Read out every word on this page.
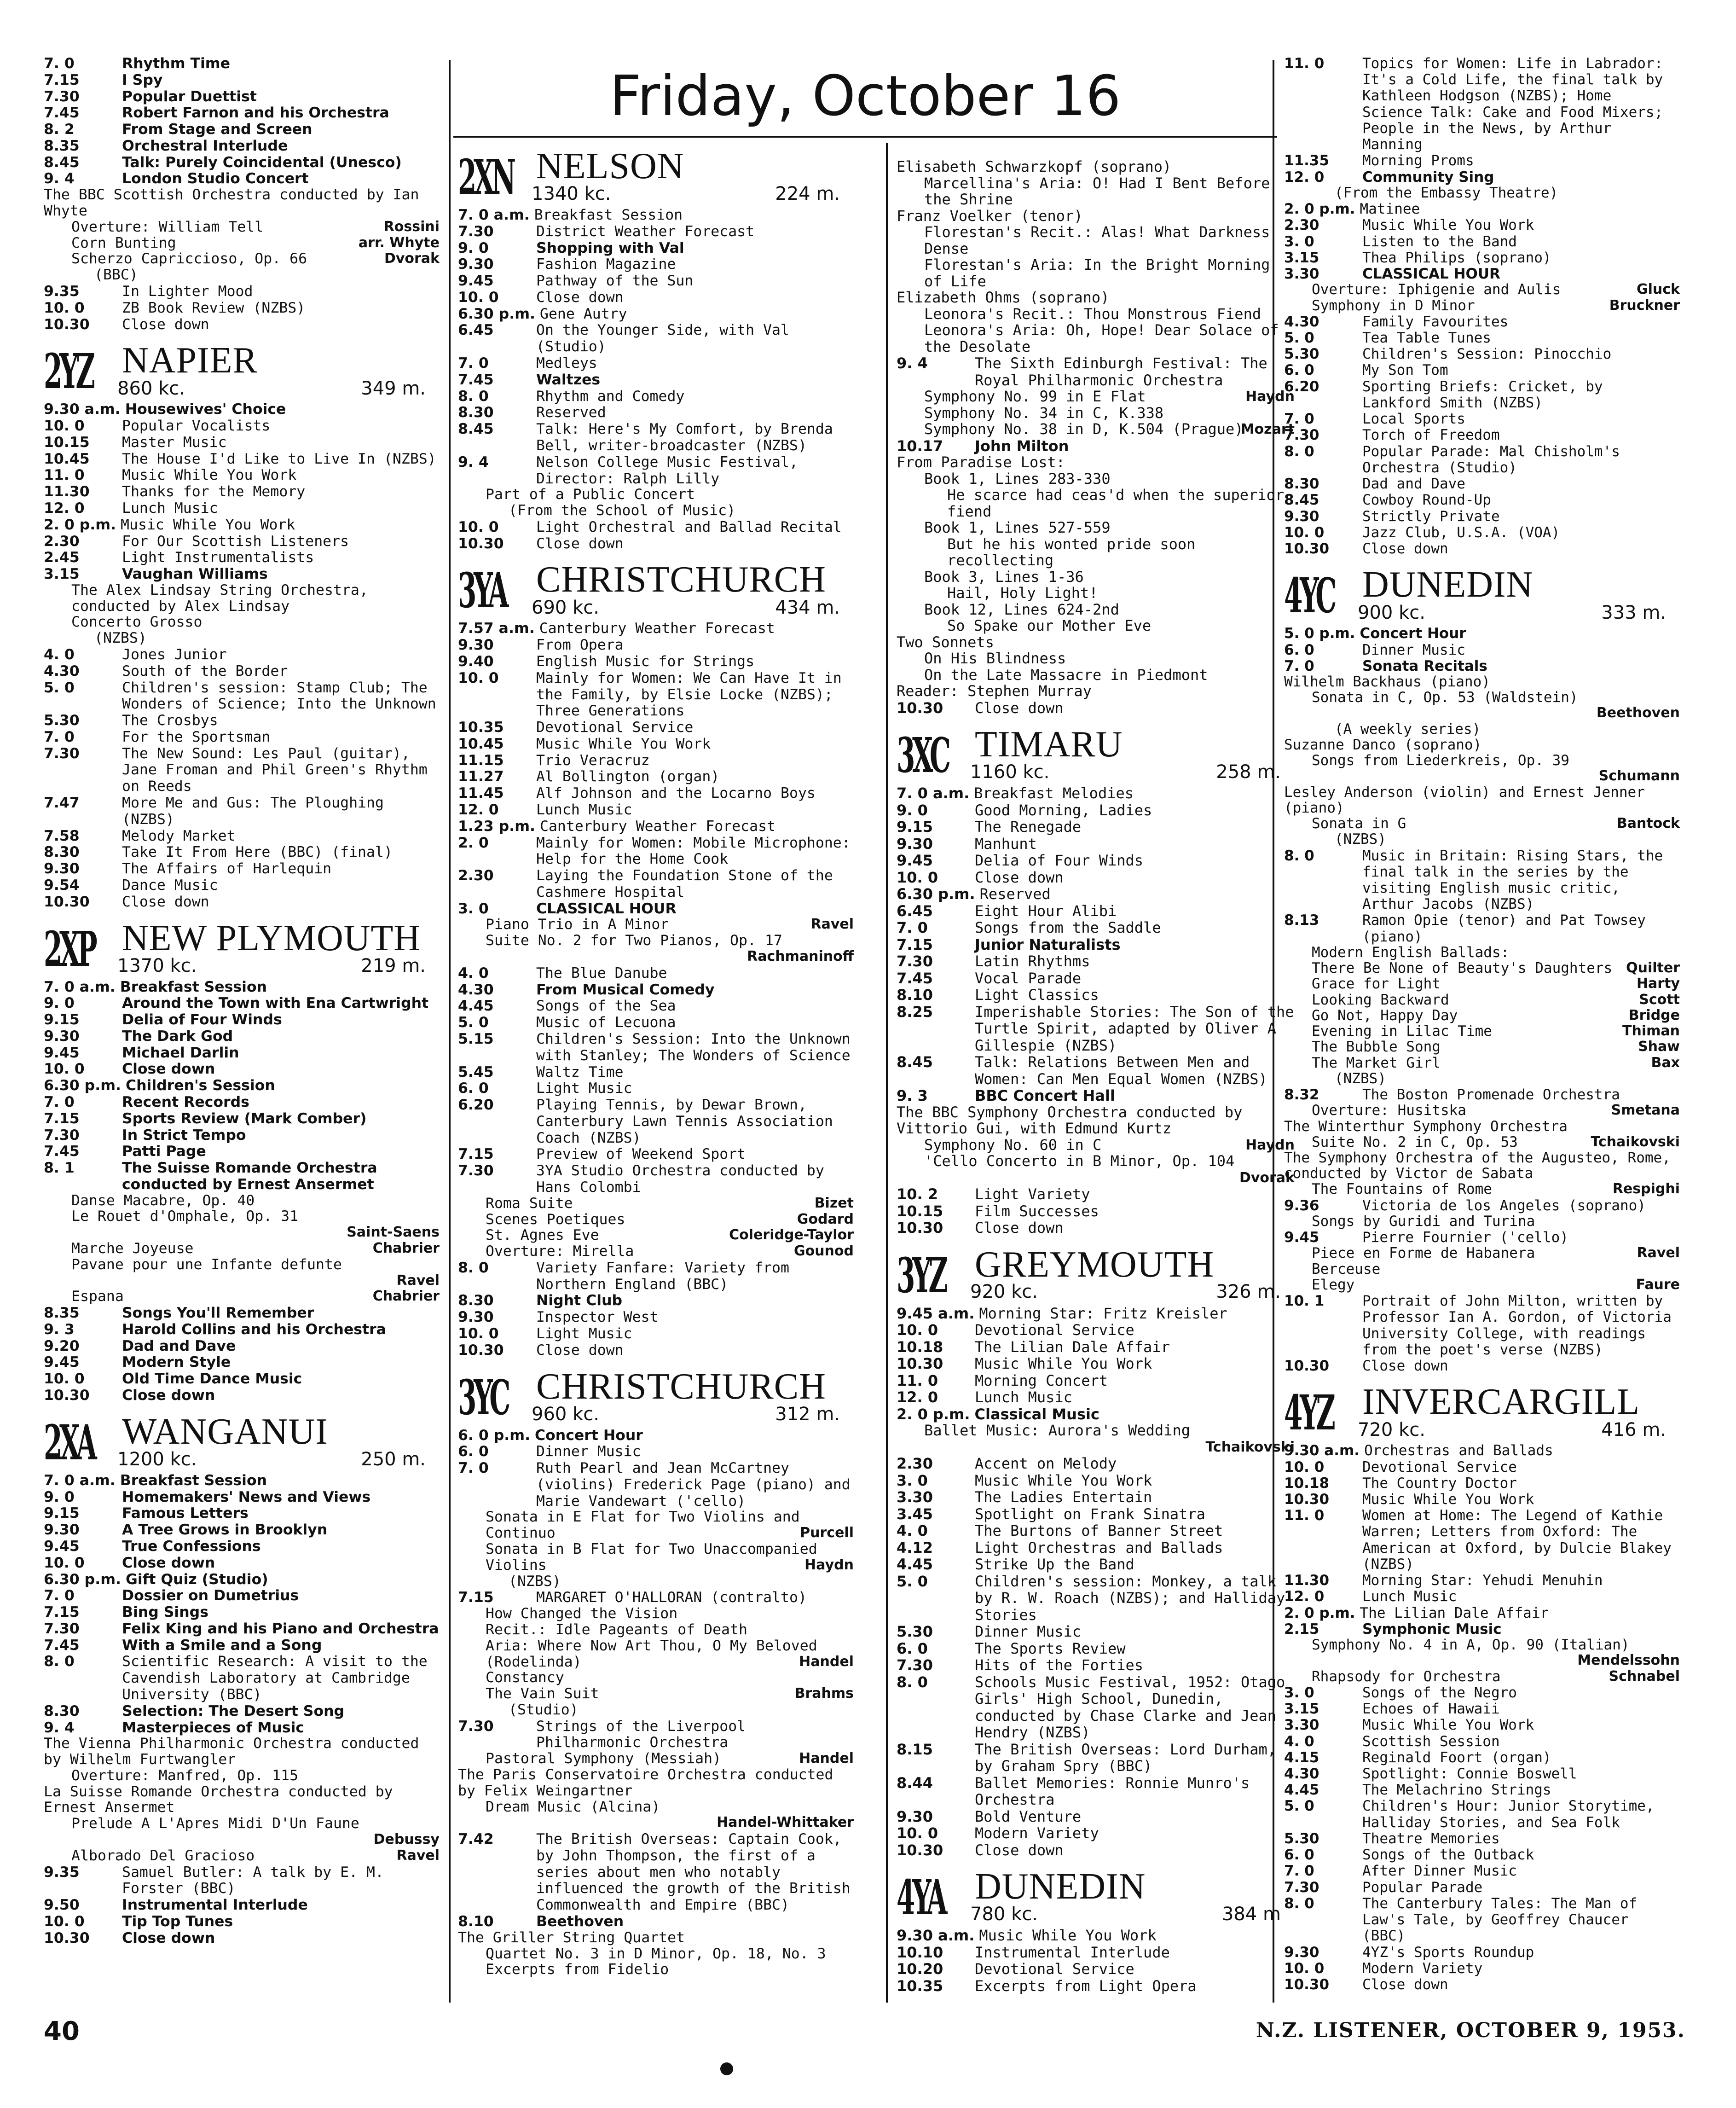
Friday, October 16
7. 0	Rhythm Time
7.15	I Spy
7.30	Popular Duettist
7.45	Robert Farnon and his Orchestra
8. 2	From Stage and Screen
8.35	Orchestral Interlude
8.45	Talk: Purely Coincidental (Unesco)
9. 4	London Studio Concert
The BBC Scottish Orchestra conducted by Ian Whyte
Overture: William Tell	Rossini
Corn Bunting	arr. Whyte
Scherzo Capriccioso, Op. 66	Dvorak
(BBC)
9.35	In Lighter Mood
10. 0	ZB Book Review (NZBS)
10.30 Close down
2YZ NAPIER
860 kc.	349 m.
9.30 a.m. Housewives' Choice
10. 0	Popular Vocalists
10.15 Master Music
10.45 The House I'd Like to Live In (NZBS)
11. 0	Music While You Work
11.30 Thanks for the Memory
12. 0	Lunch Music
2. 0 p.m. Music While You Work
2.30	For Our Scottish Listeners
2.45	Light Instrumentalists
3.15	Vaughan Williams
The Alex Lindsay String Orchestra, conducted by Alex Lindsay
Concerto Grosso
(NZBS)
4. 0	Jones Junior
4.30	South of the Border
5. 0	Children's session: Stamp Club; The Wonders of Science; Into the Unknown
5.30	The Crosbys
7. 0	For the Sportsman
7.30	The New Sound: Les Paul (guitar), Jane Froman and Phil Green's Rhythm on Reeds
7.47	More Me and Gus: The Ploughing (NZBS)
7.58	Melody Market
8.30	Take It From Here (BBC) (final)
9.30	The Affairs of Harlequin
9.54	Dance Music
10.30 Close down
2XP NEW PLYMOUTH
1370 kc.	219 m.
7. 0 a.m. Breakfast Session
9. 0	Around the Town with Ena Cartwright
9.15	Delia of Four Winds
9.30	The Dark God
9.45	Michael Darlin
10. 0	Close down
6.30 p.m. Children's Session
7. 0	Recent Records
7.15	Sports Review (Mark Comber)
7.30	In Strict Tempo
7.45	Patti Page
8. 1	The Suisse Romande Orchestra conducted by Ernest Ansermet
Danse Macabre, Op. 40
Le Rouet d'Omphale, Op. 31
Saint-Saens
Marche Joyeuse	Chabrier
Pavane pour une Infante defunte
Ravel
Espana	Chabrier
8.35	Songs You'll Remember
9. 3	Harold Collins and his Orchestra
9.20	Dad and Dave
9.45	Modern Style
10. 0	Old Time Dance Music
10.30 Close down
2XA WANGANUI
1200 kc.	250 m.
7. 0 a.m. Breakfast Session
9. 0	Homemakers' News and Views
9.15	Famous Letters
9.30	A Tree Grows in Brooklyn
9.45	True Confessions
10. 0	Close down
6.30 p.m. Gift Quiz (Studio)
7. 0	Dossier on Dumetrius
7.15	Bing Sings
7.30	Felix King and his Piano and Orchestra
7.45	With a Smile and a Song
8. 0	Scientific Research: A visit to the Cavendish Laboratory at Cambridge University (BBC)
8.30	Selection: The Desert Song
9. 4	Masterpieces of Music
The Vienna Philharmonic Orchestra conducted by Wilhelm Furtwangler
Overture: Manfred, Op. 115
La Suisse Romande Orchestra conducted by Ernest Ansermet
Prelude A L'Apres Midi D'Un Faune
Debussy
Alborado Del Gracioso	Ravel
9.35	Samuel Butler: A talk by E. M. Forster (BBC)
9.50	Instrumental Interlude
10. 0	Tip Top Tunes
10.30 Close down
2XN NELSON
1340 kc.	224 m.
7. 0 a.m. Breakfast Session
7.30	District Weather Forecast
9. 0	Shopping with Val
9.30	Fashion Magazine
9.45	Pathway of the Sun
10. 0	Close down
6.30 p.m. Gene Autry
6.45	On the Younger Side, with Val (Studio)
7. 0	Medleys
7.45	Waltzes
8. 0	Rhythm and Comedy
8.30	Reserved
8.45	Talk: Here's My Comfort, by Brenda Bell, writer-broadcaster (NZBS)
9. 4	Nelson College Music Festival, Director: Ralph Lilly
Part of a Public Concert
(From the School of Music)
10. 0	Light Orchestral and Ballad Recital
10.30 Close down
3YA CHRISTCHURCH
690 kc.	434 m.
7.57 a.m. Canterbury Weather Forecast
9.30	From Opera
9.40	English Music for Strings
10. 0	Mainly for Women: We Can Have It in the Family, by Elsie Locke (NZBS); Three Generations
10.35 Devotional Service
10.45 Music While You Work
11.15 Trio Veracruz
11.27 Al Bollington (organ)
11.45 Alf Johnson and the Locarno Boys
12. 0	Lunch Music
1.23 p.m. Canterbury Weather Forecast
2. 0	Mainly for Women: Mobile Microphone: Help for the Home Cook
2.30	Laying the Foundation Stone of the Cashmere Hospital
3. 0	CLASSICAL HOUR
Piano Trio in A Minor	Ravel
Suite No. 2 for Two Pianos, Op. 17
Rachmaninoff
4. 0	The Blue Danube
4.30	From Musical Comedy
4.45	Songs of the Sea
5. 0	Music of Lecuona
5.15	Children's Session: Into the Unknown with Stanley; The Wonders of Science
5.45	Waltz Time
6. 0	Light Music
6.20	Playing Tennis, by Dewar Brown, Canterbury Lawn Tennis Association Coach (NZBS)
7.15	Preview of Weekend Sport
7.30	3YA Studio Orchestra conducted by Hans Colombi
Roma Suite	Bizet
Scenes Poetiques	Godard
St. Agnes Eve	Coleridge-Taylor
Overture: Mirella	Gounod
8. 0	Variety Fanfare: Variety from Northern England (BBC)
8.30	Night Club
9.30	Inspector West
10. 0	Light Music
10.30 Close down
3YC CHRISTCHURCH
960 kc.	312 m.
6. 0 p.m. Concert Hour
6. 0	Dinner Music
7. 0	Ruth Pearl and Jean McCartney (violins) Frederick Page (piano) and Marie Vandewart ('cello)
Sonata in E Flat for Two Violins and Continuo	Purcell
Sonata in B Flat for Two Unaccompanied Violins	Haydn
(NZBS)
7.15	MARGARET O'HALLORAN (contralto)
How Changed the Vision
Recit.: Idle Pageants of Death
Aria: Where Now Art Thou, O My Beloved (Rodelinda)	Handel
Constancy
The Vain Suit	Brahms
(Studio)
7.30	Strings of the Liverpool Philharmonic Orchestra
Pastoral Symphony (Messiah)	Handel
The Paris Conservatoire Orchestra conducted by Felix Weingartner
Dream Music (Alcina)
Handel-Whittaker
7.42	The British Overseas: Captain Cook, by John Thompson, the first of a series about men who notably influenced the growth of the British Commonwealth and Empire (BBC)
8.10	Beethoven
The Griller String Quartet
Quartet No. 3 in D Minor, Op. 18, No. 3
Excerpts from Fidelio
Elisabeth Schwarzkopf (soprano)
Marcellina's Aria: O! Had I Bent Before the Shrine
Franz Voelker (tenor)
Florestan's Recit.: Alas! What Darkness Dense
Florestan's Aria: In the Bright Morning of Life
Elizabeth Ohms (soprano)
Leonora's Recit.: Thou Monstrous Fiend
Leonora's Aria: Oh, Hope! Dear Solace of the Desolate
9. 4	The Sixth Edinburgh Festival: The Royal Philharmonic Orchestra
Symphony No. 99 in E Flat	Haydn
Symphony No. 34 in C, K.338
Symphony No. 38 in D, K.504 (Prague)
Mozart
10.17 John Milton
From Paradise Lost:
Book 1, Lines 283-330
He scarce had ceas'd when the superior fiend
Book 1, Lines 527-559
But he his wonted pride soon recollecting
Book 3, Lines 1-36
Hail, Holy Light!
Book 12, Lines 624-2nd
So Spake our Mother Eve
Two Sonnets
On His Blindness
On the Late Massacre in Piedmont
Reader: Stephen Murray
10.30 Close down
3XC TIMARU
1160 kc.	258 m.
7. 0 a.m. Breakfast Melodies
9. 0	Good Morning, Ladies
9.15	The Renegade
9.30	Manhunt
9.45	Delia of Four Winds
10. 0 Close down
6.30 p.m. Reserved
6.45	Eight Hour Alibi
7. 0	Songs from the Saddle
7.15	Junior Naturalists
7.30	Latin Rhythms
7.45	Vocal Parade
8.10	Light Classics
8.25	Imperishable Stories: The Son of the Turtle Spirit, adapted by Oliver A Gillespie (NZBS)
8.45	Talk: Relations Between Men and Women: Can Men Equal Women (NZBS)
9. 3	BBC Concert Hall
The BBC Symphony Orchestra conducted by Vittorio Gui, with Edmund Kurtz
Symphony No. 60 in C	Haydn
'Cello Concerto in B Minor, Op. 104
Dvorak
10. 2 Light Variety
10.15 Film Successes
10.30 Close down
3YZ GREYMOUTH
920 kc.	326 m.
9.45 a.m. Morning Star: Fritz Kreisler
10. 0 Devotional Service
10.18 The Lilian Dale Affair
10.30 Music While You Work
11. 0 Morning Concert
12. 0 Lunch Music
2. 0 p.m. Classical Music
Ballet Music: Aurora's Wedding
Tchaikovski
2.30	Accent on Melody
3. 0	Music While You Work
3.30	The Ladies Entertain
3.45	Spotlight on Frank Sinatra
4. 0	The Burtons of Banner Street
4.12	Light Orchestras and Ballads
4.45	Strike Up the Band
5. 0	Children's session: Monkey, a talk by R. W. Roach (NZBS); and Halliday Stories
5.30	Dinner Music
6. 0	The Sports Review
7.30	Hits of the Forties
8. 0	Schools Music Festival, 1952: Otago Girls' High School, Dunedin, conducted by Chase Clarke and Jean Hendry (NZBS)
8.15	The British Overseas: Lord Durham, by Graham Spry (BBC)
8.44	Ballet Memories: Ronnie Munro's Orchestra
9.30	Bold Venture
10. 0 Modern Variety
10.30 Close down
4YA DUNEDIN
780 kc.	384 m
9.30 a.m. Music While You Work
10.10 Instrumental Interlude
10.20 Devotional Service
10.35 Excerpts from Light Opera
11. 0	Topics for Women: Life in Labrador: It's a Cold Life, the final talk by Kathleen Hodgson (NZBS); Home Science Talk: Cake and Food Mixers; People in the News, by Arthur Manning
11.35 Morning Proms
12. 0	Community Sing
(From the Embassy Theatre)
2. 0 p.m. Matinee
2.30	Music While You Work
3. 0	Listen to the Band
3.15	Thea Philips (soprano)
3.30	CLASSICAL HOUR
Overture: Iphigenie and Aulis	Gluck
Symphony in D Minor	Bruckner
4.30	Family Favourites
5. 0	Tea Table Tunes
5.30	Children's Session: Pinocchio
6. 0	My Son Tom
6.20	Sporting Briefs: Cricket, by Lankford Smith (NZBS)
7. 0	Local Sports
7.30	Torch of Freedom
8. 0	Popular Parade: Mal Chisholm's Orchestra (Studio)
8.30	Dad and Dave
8.45	Cowboy Round-Up
9.30	Strictly Private
10. 0	Jazz Club, U.S.A. (VOA)
10.30 Close down
4YC DUNEDIN
900 kc.	333 m.
5. 0 p.m. Concert Hour
6. 0	Dinner Music
7. 0	Sonata Recitals
Wilhelm Backhaus (piano)
Sonata in C, Op. 53 (Waldstein)
Beethoven
(A weekly series)
Suzanne Danco (soprano)
Songs from Liederkreis, Op. 39
Schumann
Lesley Anderson (violin) and Ernest Jenner (piano)
Sonata in G	Bantock
(NZBS)
8. 0	Music in Britain: Rising Stars, the final talk in the series by the visiting English music critic, Arthur Jacobs (NZBS)
8.13	Ramon Opie (tenor) and Pat Towsey (piano)
Modern English Ballads:
There Be None of Beauty's Daughters Quilter
Grace for Light	Harty
Looking Backward	Scott
Go Not, Happy Day	Bridge
Evening in Lilac Time	Thiman
The Bubble Song	Shaw
The Market Girl	Bax
(NZBS)
8.32	The Boston Promenade Orchestra
Overture: Husitska	Smetana
The Winterthur Symphony Orchestra
Suite No. 2 in C, Op. 53	Tchaikovski
The Symphony Orchestra of the Augusteo, Rome, conducted by Victor de Sabata
The Fountains of Rome	Respighi
9.36	Victoria de los Angeles (soprano)
Songs by Guridi and Turina
9.45	Pierre Fournier ('cello)
Piece en Forme de Habanera	Ravel
Berceuse
Elegy	Faure
10. 1	Portrait of John Milton, written by Professor Ian A. Gordon, of Victoria University College, with readings from the poet's verse (NZBS)
10.30 Close down
4YZ INVERCARGILL
720 kc.	416 m.
9.30 a.m. Orchestras and Ballads
10. 0	Devotional Service
10.18 The Country Doctor
10.30 Music While You Work
11. 0	Women at Home: The Legend of Kathie Warren; Letters from Oxford: The American at Oxford, by Dulcie Blakey (NZBS)
11.30 Morning Star: Yehudi Menuhin
12. 0	Lunch Music
2. 0 p.m. The Lilian Dale Affair
2.15	Symphonic Music
Symphony No. 4 in A, Op. 90 (Italian)
Mendelssohn
Rhapsody for Orchestra	Schnabel
3. 0	Songs of the Negro
3.15	Echoes of Hawaii
3.30	Music While You Work
4. 0	Scottish Session
4.15	Reginald Foort (organ)
4.30	Spotlight: Connie Boswell
4.45	The Melachrino Strings
5. 0	Children's Hour: Junior Storytime, Halliday Stories, and Sea Folk
5.30	Theatre Memories
6. 0	Songs of the Outback
7. 0	After Dinner Music
7.30	Popular Parade
8. 0	The Canterbury Tales: The Man of Law's Tale, by Geoffrey Chaucer (BBC)
9.30	4YZ's Sports Roundup
10. 0	Modern Variety
10.30 Close down
40	N.Z. LISTENER, OCTOBER 9, 1953.
